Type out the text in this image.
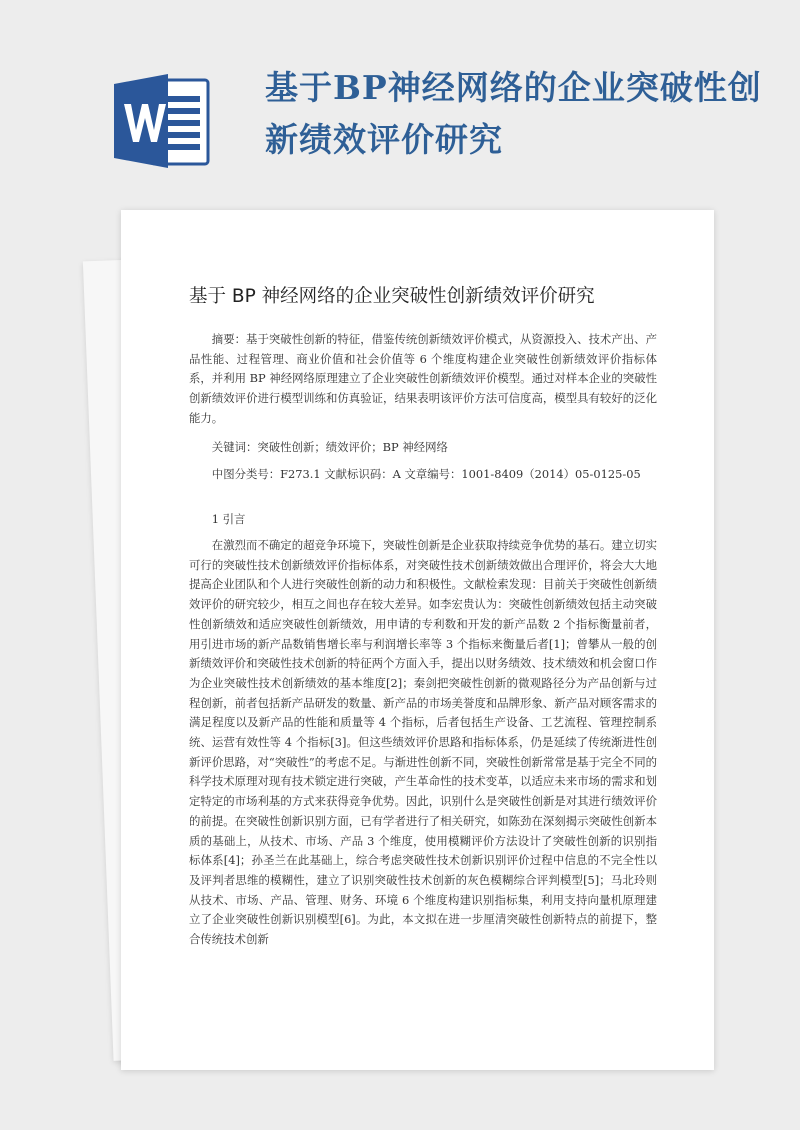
基于BP神经网络的企业突破性创新绩效评价研究
基于 BP 神经网络的企业突破性创新绩效评价研究

摘要：基于突破性创新的特征，借鉴传统创新绩效评价模式，从资源投入、技术产出、产品性能、过程管理、商业价值和社会价值等 6 个维度构建企业突破性创新绩效评价指标体系，并利用 BP 神经网络原理建立了企业突破性创新绩效评价模型。通过对样本企业的突破性创新绩效评价进行模型训练和仿真验证，结果表明该评价方法可信度高，模型具有较好的泛化能力。

关键词：突破性创新；绩效评价；BP 神经网络

中图分类号：F273.1 文献标识码：A 文章编号：1001-8409（2014）05-0125-05

1 引言

在激烈而不确定的超竞争环境下，突破性创新是企业获取持续竞争优势的基石。建立切实可行的突破性技术创新绩效评价指标体系，对突破性技术创新绩效做出合理评价，将会大大地提高企业团队和个人进行突破性创新的动力和积极性。文献检索发现：目前关于突破性创新绩效评价的研究较少，相互之间也存在较大差异。如李宏贵认为：突破性创新绩效包括主动突破性创新绩效和适应突破性创新绩效，用申请的专利数和开发的新产品数 2 个指标衡量前者，用引进市场的新产品数销售增长率与利润增长率等 3 个指标来衡量后者[1]；曾攀从一般的创新绩效评价和突破性技术创新的特征两个方面入手，提出以财务绩效、技术绩效和机会窗口作为企业突破性技术创新绩效的基本维度[2]；秦剑把突破性创新的微观路径分为产品创新与过程创新，前者包括新产品研发的数量、新产品的市场美誉度和品牌形象、新产品对顾客需求的满足程度以及新产品的性能和质量等 4 个指标，后者包括生产设备、工艺流程、管理控制系统、运营有效性等 4 个指标[3]。但这些绩效评价思路和指标体系，仍是延续了传统渐进性创新评价思路，对“突破性”的考虑不足。与渐进性创新不同，突破性创新常常是基于完全不同的科学技术原理对现有技术锁定进行突破，产生革命性的技术变革，以适应未来市场的需求和划定特定的市场利基的方式来获得竞争优势。因此，识别什么是突破性创新是对其进行绩效评价的前提。在突破性创新识别方面，已有学者进行了相关研究，如陈劲在深刻揭示突破性创新本质的基础上，从技术、市场、产品 3 个维度，使用模糊评价方法设计了突破性创新的识别指标体系[4]；孙圣兰在此基础上，综合考虑突破性技术创新识别评价过程中信息的不完全性以及评判者思维的模糊性，建立了识别突破性技术创新的灰色模糊综合评判模型[5]；马北玲则从技术、市场、产品、管理、财务、环境 6 个维度构建识别指标集，利用支持向量机原理建立了企业突破性创新识别模型[6]。为此，本文拟在进一步厘清突破性创新特点的前提下，整合传统技术创新
